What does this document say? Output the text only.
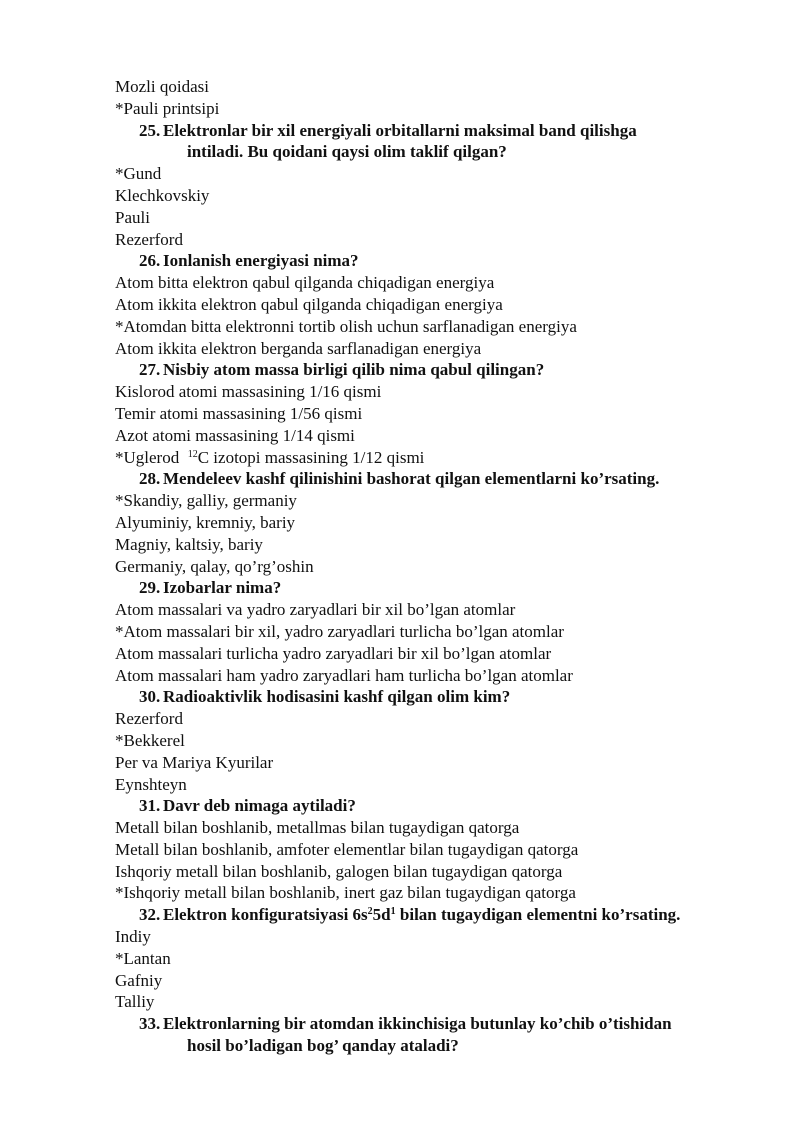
Mozli qoidasi
*Pauli printsipi
25. Elektronlar bir xil energiyali orbitallarni maksimal band qilishga
intiladi. Bu qoidani qaysi olim taklif qilgan?
*Gund
Klechkovskiy
Pauli
Rezerford
26. Ionlanish energiyasi nima?
Atom bitta elektron qabul qilganda chiqadigan energiya
Atom ikkita elektron qabul qilganda chiqadigan energiya
*Atomdan bitta elektronni tortib olish uchun sarflanadigan energiya
Atom ikkita elektron berganda sarflanadigan energiya
27. Nisbiy atom massa birligi qilib nima qabul qilingan?
Kislorod atomi massasining 1/16 qismi
Temir atomi massasining 1/56 qismi
Azot atomi massasining 1/14 qismi
*Uglerod  $^{12}$C izotopi massasining 1/12 qismi
28. Mendeleev kashf qilinishini bashorat qilgan elementlarni ko’rsating.
*Skandiy, galliy, germaniy
Alyuminiy, kremniy, bariy
Magniy, kaltsiy, bariy
Germaniy, qalay, qo’rg’oshin
29. Izobarlar nima?
Atom massalari va yadro zaryadlari bir xil bo’lgan atomlar
*Atom massalari bir xil, yadro zaryadlari turlicha bo’lgan atomlar
Atom massalari turlicha yadro zaryadlari bir xil bo’lgan atomlar
Atom massalari ham yadro zaryadlari ham turlicha bo’lgan atomlar
30. Radioaktivlik hodisasini kashf qilgan olim kim?
Rezerford
*Bekkerel
Per va Mariya Kyurilar
Eynshteyn
31. Davr deb nimaga aytiladi?
Metall bilan boshlanib, metallmas bilan tugaydigan qatorga
Metall bilan boshlanib, amfoter elementlar bilan tugaydigan qatorga
Ishqoriy metall bilan boshlanib, galogen bilan tugaydigan qatorga
*Ishqoriy metall bilan boshlanib, inert gaz bilan tugaydigan qatorga
32. Elektron konfiguratsiyasi $6s^25d^1$ bilan tugaydigan elementni ko’rsating.
Indiy
*Lantan
Gafniy
Talliy
33. Elektronlarning bir atomdan ikkinchisiga butunlay ko’chib o’tishidan
hosil bo’ladigan bog’ qanday ataladi?
